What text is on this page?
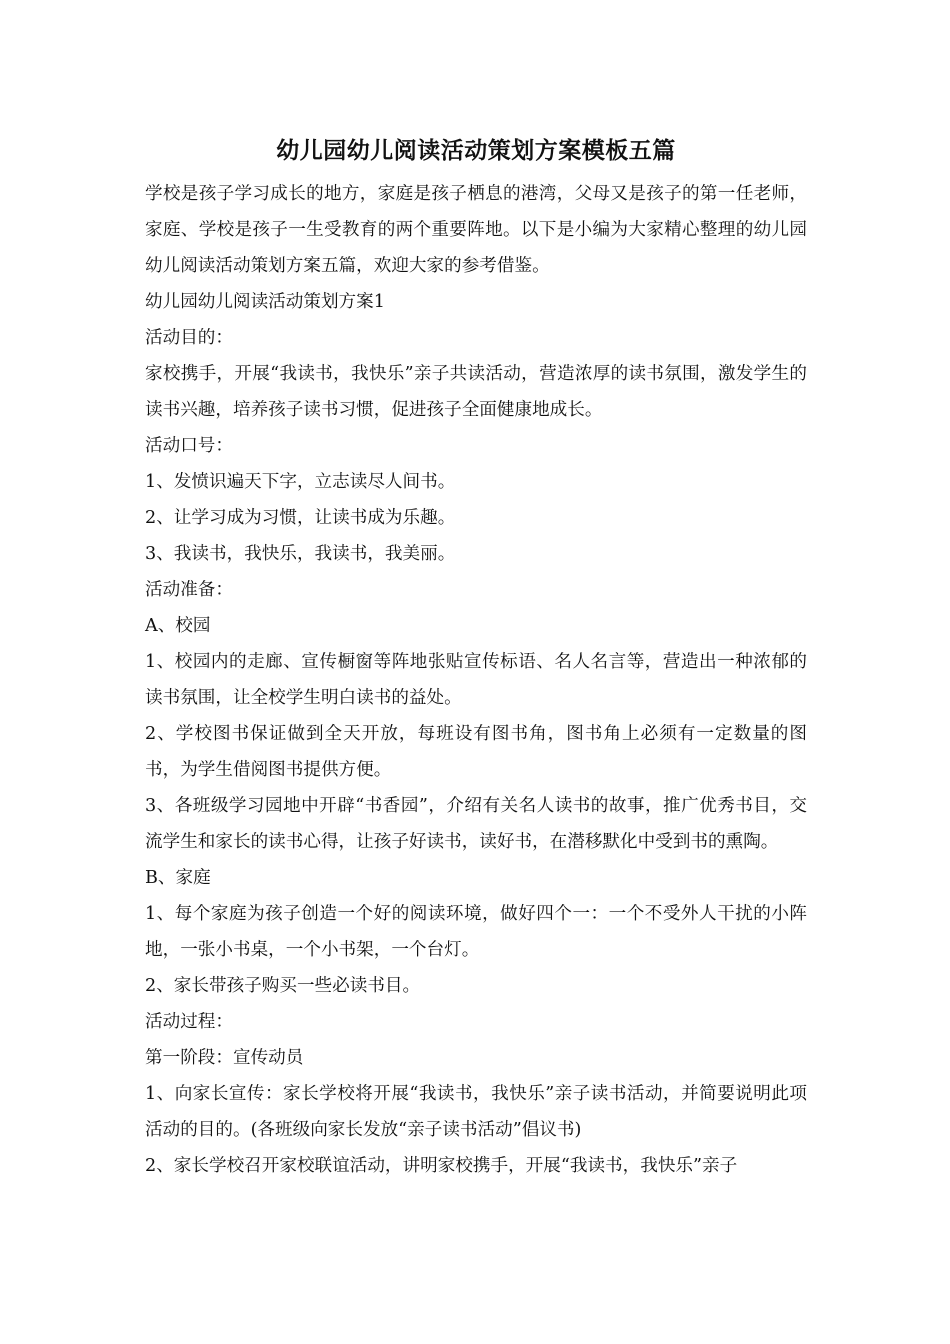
幼儿园幼儿阅读活动策划方案模板五篇

学校是孩子学习成长的地方，家庭是孩子栖息的港湾，父母又是孩子的第一任老师，家庭、学校是孩子一生受教育的两个重要阵地。以下是小编为大家精心整理的幼儿园幼儿阅读活动策划方案五篇，欢迎大家的参考借鉴。

幼儿园幼儿阅读活动策划方案1

活动目的：

家校携手，开展“我读书，我快乐”亲子共读活动，营造浓厚的读书氛围，激发学生的读书兴趣，培养孩子读书习惯，促进孩子全面健康地成长。

活动口号：

1、发愤识遍天下字，立志读尽人间书。

2、让学习成为习惯，让读书成为乐趣。

3、我读书，我快乐，我读书，我美丽。

活动准备：

A、校园

1、校园内的走廊、宣传橱窗等阵地张贴宣传标语、名人名言等，营造出一种浓郁的读书氛围，让全校学生明白读书的益处。

2、学校图书保证做到全天开放，每班设有图书角，图书角上必须有一定数量的图书，为学生借阅图书提供方便。

3、各班级学习园地中开辟“书香园”，介绍有关名人读书的故事，推广优秀书目，交流学生和家长的读书心得，让孩子好读书，读好书，在潜移默化中受到书的熏陶。

B、家庭

1、每个家庭为孩子创造一个好的阅读环境，做好四个一：一个不受外人干扰的小阵地，一张小书桌，一个小书架，一个台灯。

2、家长带孩子购买一些必读书目。

活动过程：

第一阶段：宣传动员

1、向家长宣传：家长学校将开展“我读书，我快乐”亲子读书活动，并简要说明此项活动的目的。(各班级向家长发放“亲子读书活动”倡议书)

2、家长学校召开家校联谊活动，讲明家校携手，开展“我读书，我快乐”亲子
